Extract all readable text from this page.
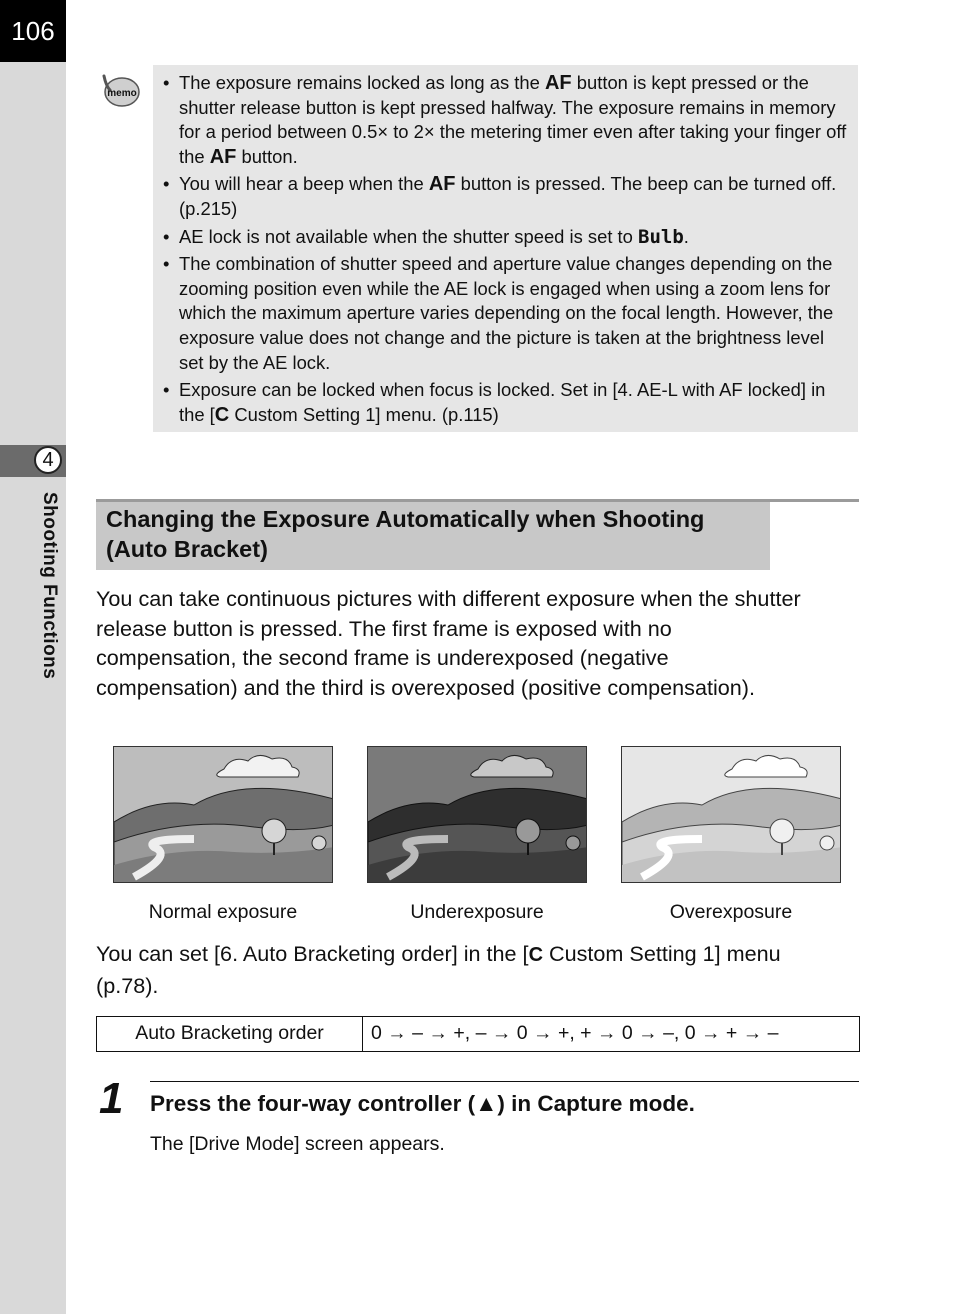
106
4
Shooting Functions
memo
• The exposure remains locked as long as the AF button is kept pressed or the shutter release button is kept pressed halfway. The exposure remains in memory for a period between 0.5× to 2× the metering timer even after taking your finger off the AF button.
• You will hear a beep when the AF button is pressed. The beep can be turned off. (p.215)
• AE lock is not available when the shutter speed is set to Bulb.
• The combination of shutter speed and aperture value changes depending on the zooming position even while the AE lock is engaged when using a zoom lens for which the maximum aperture varies depending on the focal length. However, the exposure value does not change and the picture is taken at the brightness level set by the AE lock.
• Exposure can be locked when focus is locked. Set in [4. AE-L with AF locked] in the [C Custom Setting 1] menu. (p.115)
Changing the Exposure Automatically when Shooting
(Auto Bracket)
You can take continuous pictures with different exposure when the shutter
release button is pressed. The first frame is exposed with no
compensation, the second frame is underexposed (negative
compensation) and the third is overexposed (positive compensation).
Normal exposure	Underexposure	Overexposure
You can set [6. Auto Bracketing order] in the [C Custom Setting 1] menu
(p.78).
Auto Bracketing order	0 → – → +, – → 0 → +, + → 0 → –, 0 → + → –
1 Press the four-way controller (▲) in Capture mode.
The [Drive Mode] screen appears.
